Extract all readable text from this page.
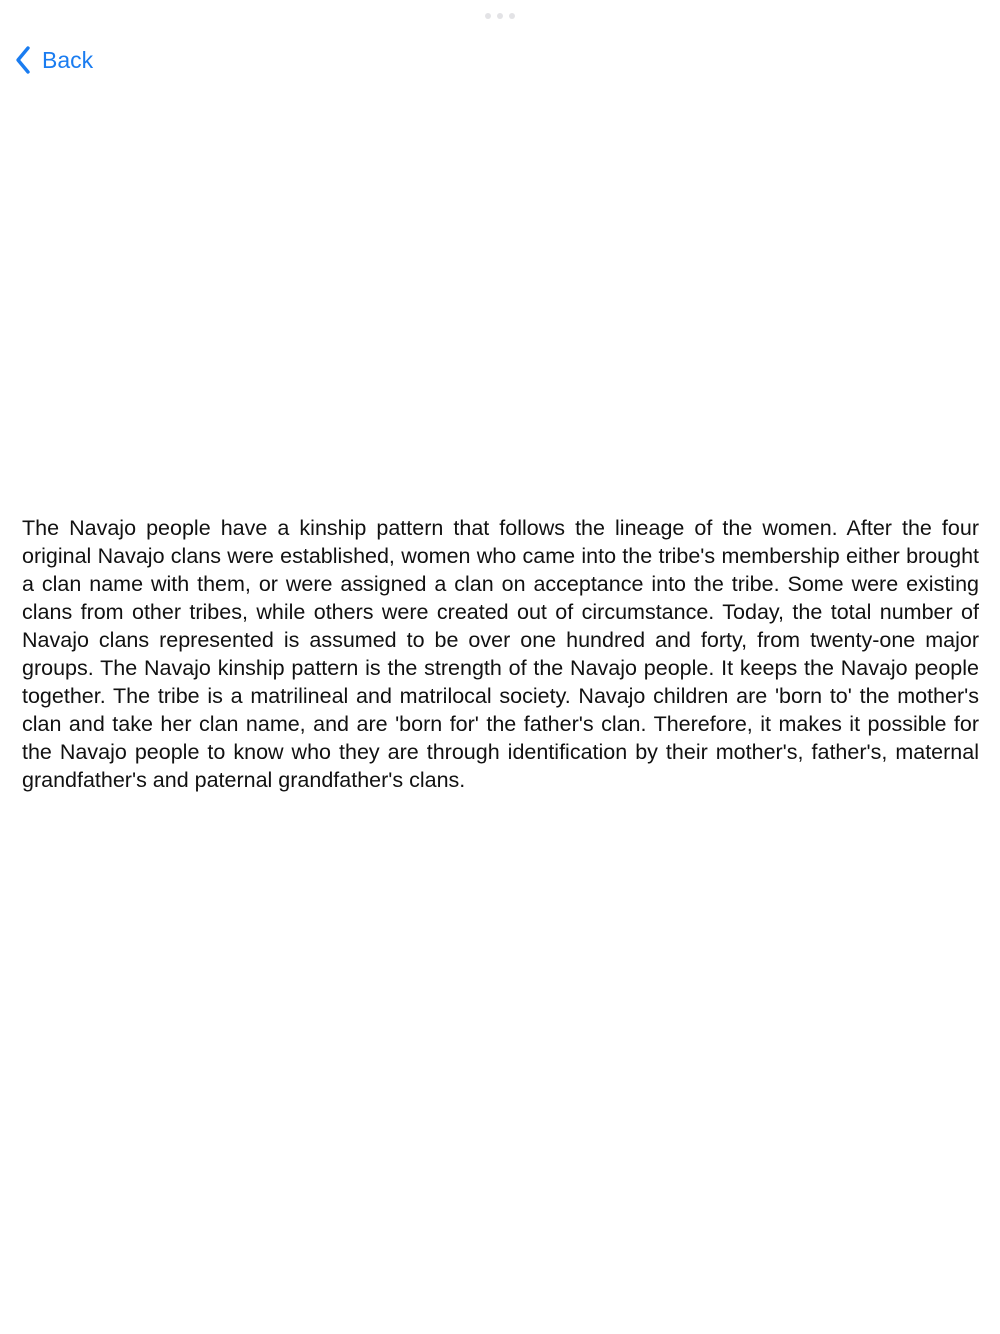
Back

The Navajo people have a kinship pattern that follows the lineage of the women. After the four original Navajo clans were established, women who came into the tribe's membership either brought a clan name with them, or were assigned a clan on acceptance into the tribe. Some were existing clans from other tribes, while others were created out of circumstance. Today, the total number of Navajo clans represented is assumed to be over one hundred and forty, from twenty-one major groups. The Navajo kinship pattern is the strength of the Navajo people. It keeps the Navajo people together. The tribe is a matrilineal and matrilocal society. Navajo children are 'born to' the mother's clan and take her clan name, and are 'born for' the father's clan. Therefore, it makes it possible for the Navajo people to know who they are through identification by their mother's, father's, maternal grandfather's and paternal grandfather's clans.
